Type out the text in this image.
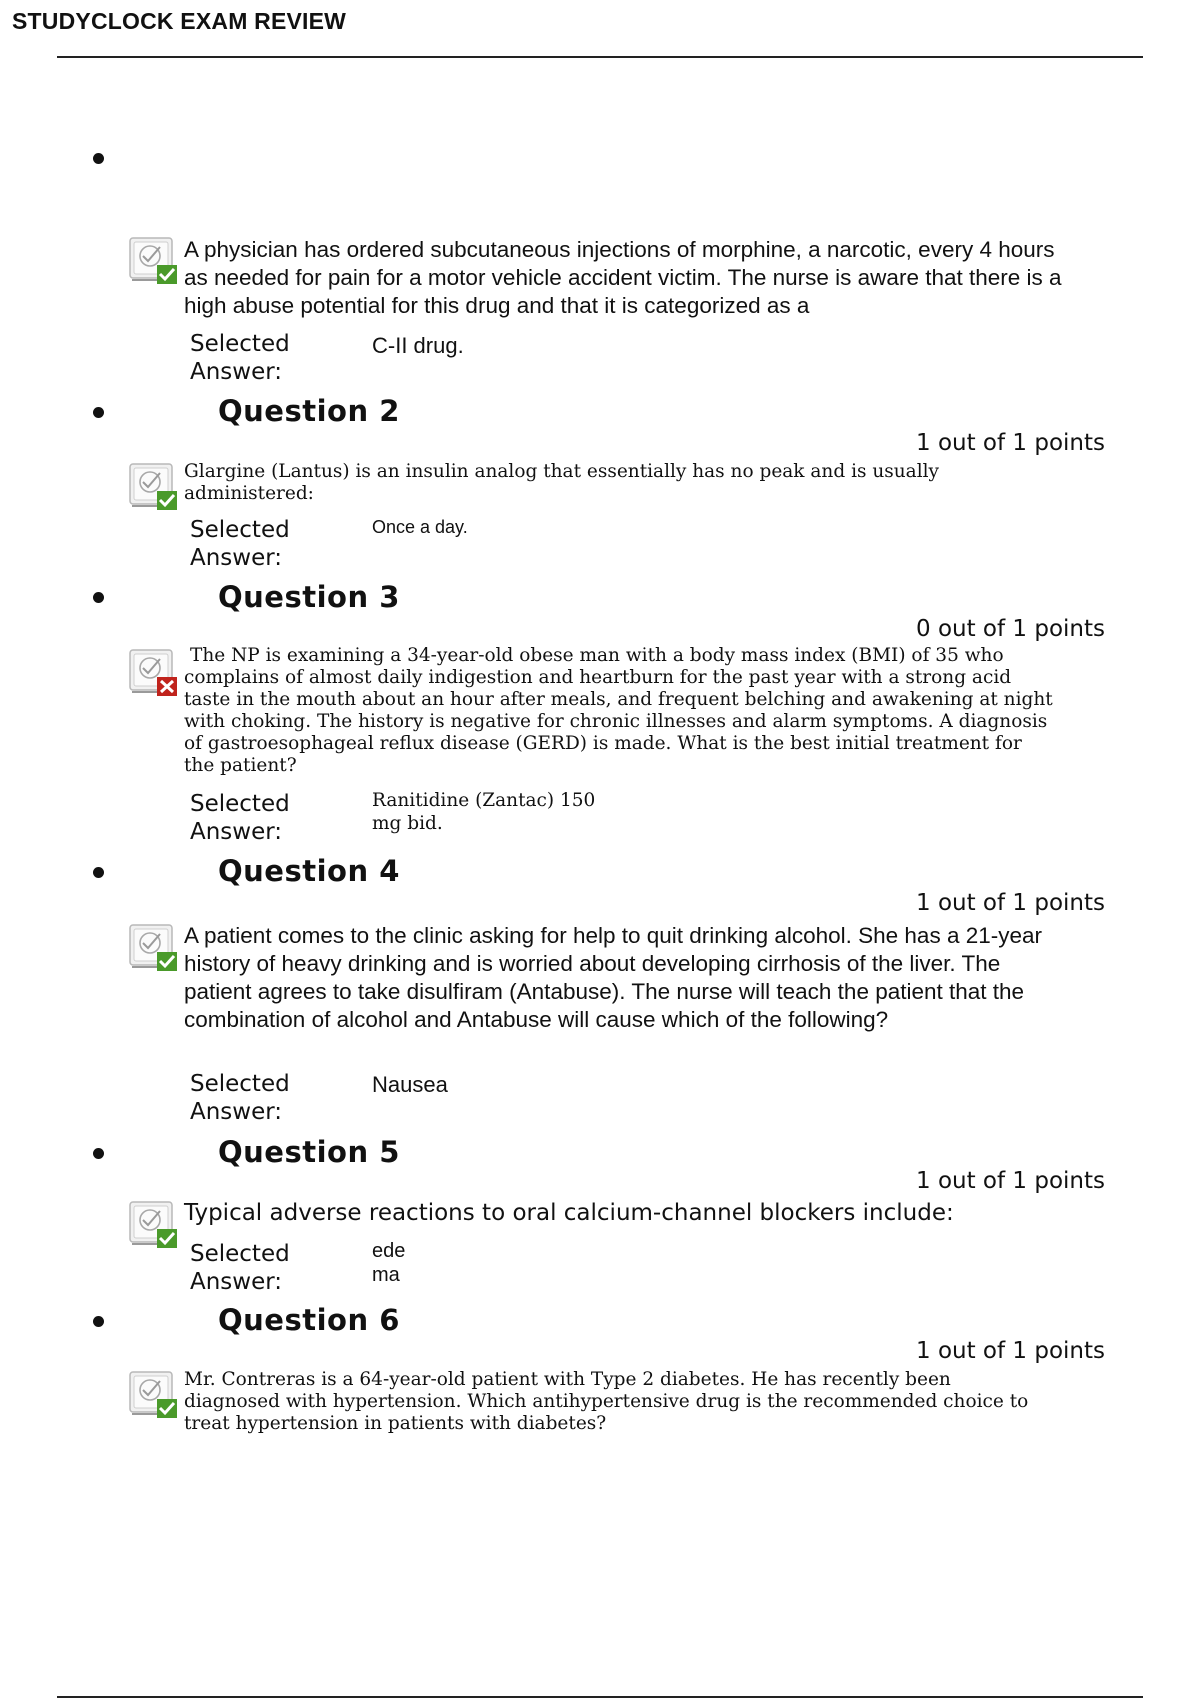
STUDYCLOCK EXAM REVIEW
A physician has ordered subcutaneous injections of morphine, a narcotic, every 4 hours as needed for pain for a motor vehicle accident victim. The nurse is aware that there is a high abuse potential for this drug and that it is categorized as a
Selected Answer:
C-II drug.
Question 2
1 out of 1 points
Glargine (Lantus) is an insulin analog that essentially has no peak and is usually administered:
Selected Answer:
Once a day.
Question 3
0 out of 1 points
The NP is examining a 34-year-old obese man with a body mass index (BMI) of 35 who complains of almost daily indigestion and heartburn for the past year with a strong acid taste in the mouth about an hour after meals, and frequent belching and awakening at night with choking. The history is negative for chronic illnesses and alarm symptoms. A diagnosis of gastroesophageal reflux disease (GERD) is made. What is the best initial treatment for the patient?
Selected Answer:
Ranitidine (Zantac) 150 mg bid.
Question 4
1 out of 1 points
A patient comes to the clinic asking for help to quit drinking alcohol. She has a 21-year history of heavy drinking and is worried about developing cirrhosis of the liver. The patient agrees to take disulfiram (Antabuse). The nurse will teach the patient that the combination of alcohol and Antabuse will cause which of the following?
Selected Answer:
Nausea
Question 5
1 out of 1 points
Typical adverse reactions to oral calcium-channel blockers include:
Selected Answer:
ede ma
Question 6
1 out of 1 points
Mr. Contreras is a 64-year-old patient with Type 2 diabetes. He has recently been diagnosed with hypertension. Which antihypertensive drug is the recommended choice to treat hypertension in patients with diabetes?
